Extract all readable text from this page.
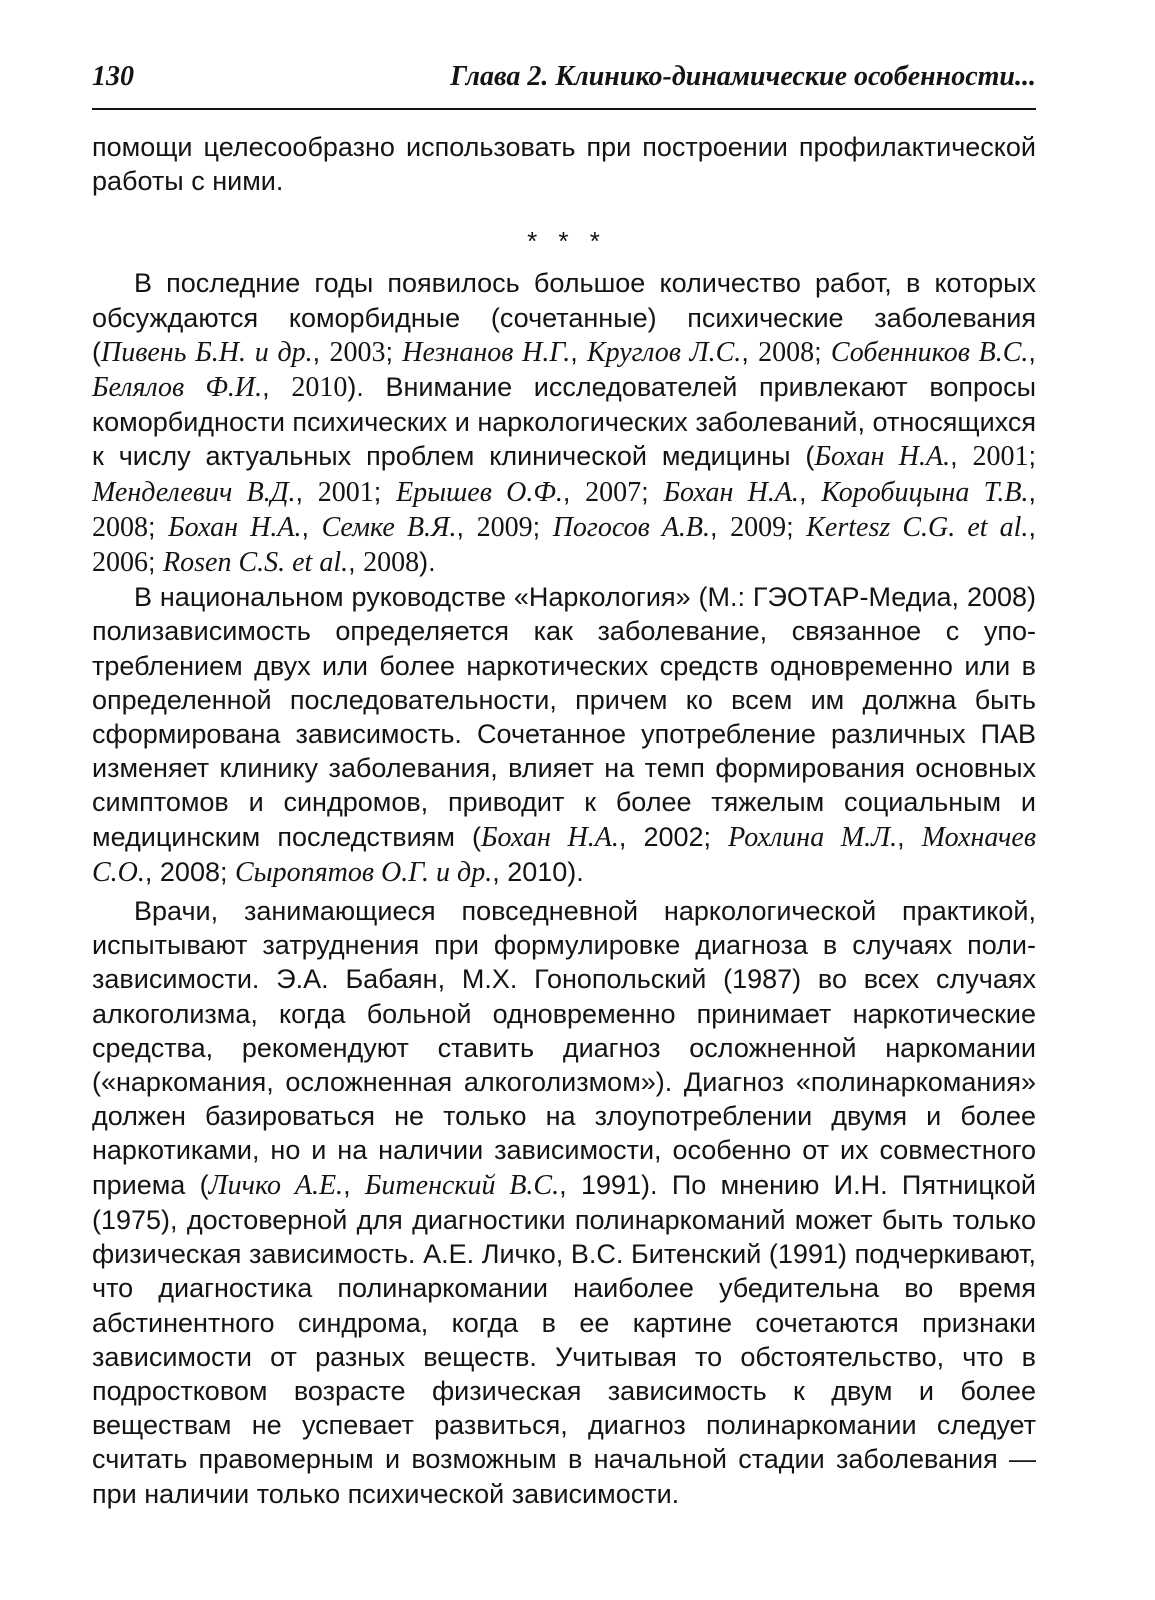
130	Глава 2. Клинико-динамические особенности...

помощи целесообразно использовать при построении профилактической работы с ними.

* * *

В последние годы появилось большое количество работ, в которых обсуждаются коморбидные (сочетанные) психические заболевания (Пивень Б.Н. и др., 2003; Незнанов Н.Г., Круглов Л.С., 2008; Собенников В.С., Белялов Ф.И., 2010). Внимание исследователей привлекают вопросы коморбидности психических и наркологических заболеваний, относящихся к числу актуальных проблем клинической медицины (Бохан Н.А., 2001; Менделевич В.Д., 2001; Ерышев О.Ф., 2007; Бохан Н.А., Коробицына Т.В., 2008; Бохан Н.А., Семке В.Я., 2009; Погосов А.В., 2009; Kertesz C.G. et al., 2006; Rosen C.S. et al., 2008).

В национальном руководстве «Наркология» (М.: ГЭОТАР-Медиа, 2008) полизависимость определяется как заболевание, связанное с употреблением двух или более наркотических средств одновременно или в определенной последовательности, причем ко всем им должна быть сформирована зависимость. Сочетанное употребление различных ПАВ изменяет клинику заболевания, влияет на темп формирования основных симптомов и синдромов, приводит к более тяжелым социальным и медицинским последствиям (Бохан Н.А., 2002; Рохлина М.Л., Мохначев С.О., 2008; Сыропятов О.Г. и др., 2010).

Врачи, занимающиеся повседневной наркологической практикой, испытывают затруднения при формулировке диагноза в случаях полизависимости. Э.А. Бабаян, М.Х. Гонопольский (1987) во всех случаях алкоголизма, когда больной одновременно принимает наркотические средства, рекомендуют ставить диагноз осложненной наркомании («наркомания, осложненная алкоголизмом»). Диагноз «полинаркомания» должен базироваться не только на злоупотреблении двумя и более наркотиками, но и на наличии зависимости, особенно от их совместного приема (Личко А.Е., Битенский В.С., 1991). По мнению И.Н. Пятницкой (1975), достоверной для диагностики полинаркоманий может быть только физическая зависимость. А.Е. Личко, В.С. Битенский (1991) подчеркивают, что диагностика полинаркомании наиболее убедительна во время абстинентного синдрома, когда в ее картине сочетаются признаки зависимости от разных веществ. Учитывая то обстоятельство, что в подростковом возрасте физическая зависимость к двум и более веществам не успевает развиться, диагноз полинаркомании следует считать правомерным и возможным в начальной стадии заболевания — при наличии только психической зависимости.
